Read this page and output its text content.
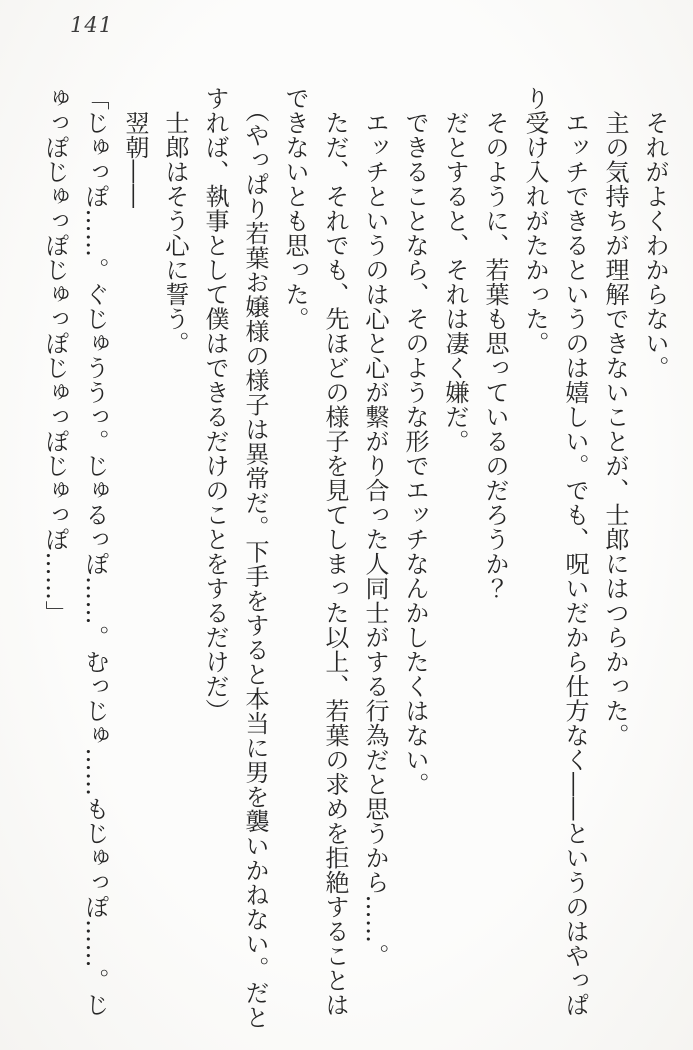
141

　それがよくわからない。

　主の気持ちが理解できないことが、士郎にはつらかった。

　エッチできるというのは嬉しい。でも、呪いだから仕方なく――というのはやっぱ

り受け入れがたかった。

　そのように、若葉も思っているのだろうか？

　だとすると、それは凄く嫌だ。

　できることなら、そのような形でエッチなんかしたくはない。

　エッチというのは心と心が繋がり合った人同士がする行為だと思うから……。

　ただ、それでも、先ほどの様子を見てしまった以上、若葉の求めを拒絶することは

できないとも思った。

　（やっぱり若葉お嬢様の様子は異常だ。下手をすると本当に男を襲いかねない。だと

すれば、執事として僕はできるだけのことをするだけだ）

　士郎はそう心に誓う。

　翌朝――

「じゅっぽ……。ぐじゅううっ。じゅるっぽ……。むっじゅ……もじゅっぽ……。じ

ゅっぽじゅっぽじゅっぽじゅっぽじゅっぽ……」
